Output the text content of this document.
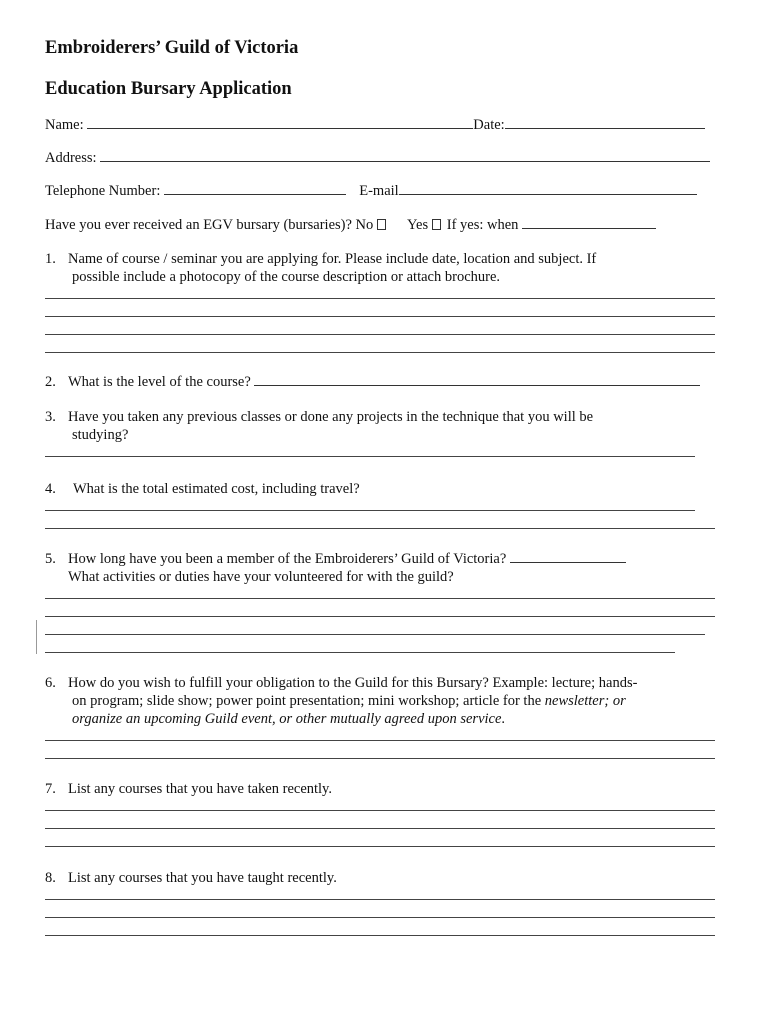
Embroiderers’ Guild of Victoria
Education Bursary Application
Name:	Date:
Address:
Telephone Number:	E-mail
Have you ever received an EGV bursary (bursaries)? No Yes If yes: when
1. Name of course / seminar you are applying for. Please include date, location and subject. If
possible include a photocopy of the course description or attach brochure.
2. What is the level of the course?
3. Have you taken any previous classes or done any projects in the technique that you will be
studying?
4. What is the total estimated cost, including travel?
5. How long have you been a member of the Embroiderers’ Guild of Victoria?
What activities or duties have your volunteered for with the guild?
6. How do you wish to fulfill your obligation to the Guild for this Bursary? Example: lecture; hands-
on program; slide show; power point presentation; mini workshop; article for the newsletter; or
organize an upcoming Guild event, or other mutually agreed upon service.
7. List any courses that you have taken recently.
8. List any courses that you have taught recently.
